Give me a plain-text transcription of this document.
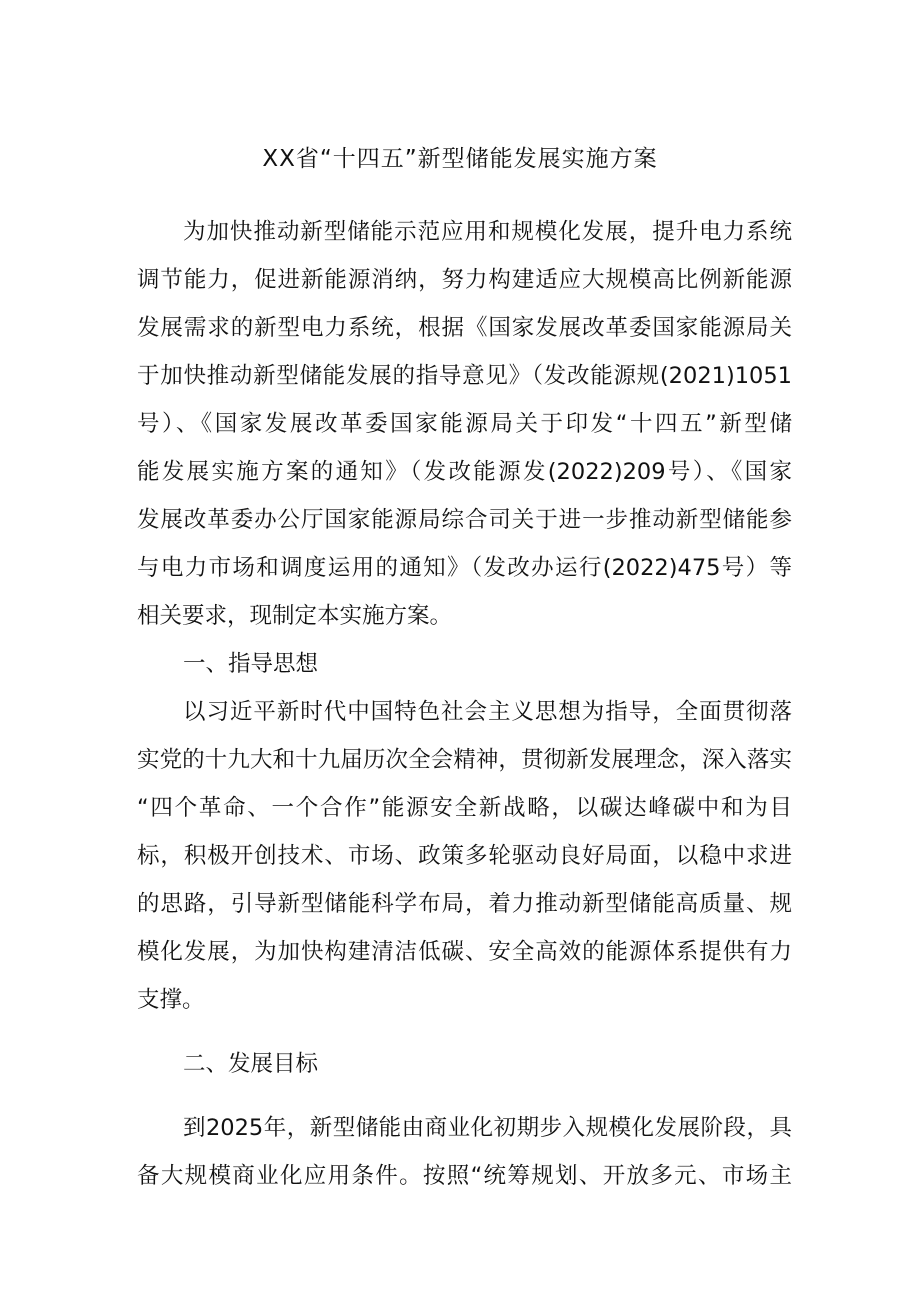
XX省“十四五”新型储能发展实施方案
为加快推动新型储能示范应用和规模化发展，提升电力系统
调节能力，促进新能源消纳，努力构建适应大规模高比例新能源
发展需求的新型电力系统，根据《国家发展改革委国家能源局关
于加快推动新型储能发展的指导意见》（发改能源规(2021)1051
号）、《国家发展改革委国家能源局关于印发“十四五”新型储
能发展实施方案的通知》（发改能源发(2022)209号）、《国家
发展改革委办公厅国家能源局综合司关于进一步推动新型储能参
与电力市场和调度运用的通知》（发改办运行(2022)475号）等
相关要求，现制定本实施方案。
一、指导思想
以习近平新时代中国特色社会主义思想为指导，全面贯彻落
实党的十九大和十九届历次全会精神，贯彻新发展理念，深入落实
“四个革命、一个合作”能源安全新战略，以碳达峰碳中和为目
标，积极开创技术、市场、政策多轮驱动良好局面，以稳中求进
的思路，引导新型储能科学布局，着力推动新型储能高质量、规
模化发展，为加快构建清洁低碳、安全高效的能源体系提供有力
支撑。
二、发展目标
到2025年，新型储能由商业化初期步入规模化发展阶段，具
备大规模商业化应用条件。按照“统筹规划、开放多元、市场主
